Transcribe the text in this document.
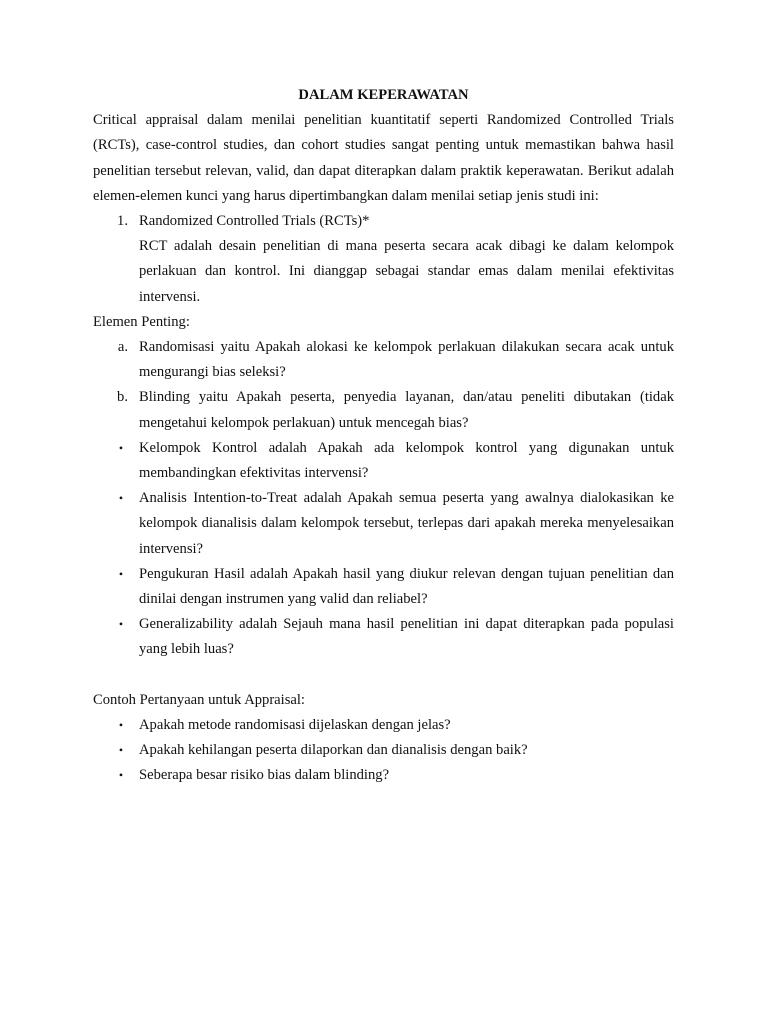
DALAM KEPERAWATAN

Critical appraisal dalam menilai penelitian kuantitatif seperti Randomized Controlled Trials (RCTs), case-control studies, dan cohort studies sangat penting untuk memastikan bahwa hasil penelitian tersebut relevan, valid, dan dapat diterapkan dalam praktik keperawatan. Berikut adalah elemen-elemen kunci yang harus dipertimbangkan dalam menilai setiap jenis studi ini:

1. Randomized Controlled Trials (RCTs)*

RCT adalah desain penelitian di mana peserta secara acak dibagi ke dalam kelompok perlakuan dan kontrol. Ini dianggap sebagai standar emas dalam menilai efektivitas intervensi.

Elemen Penting:

a. Randomisasi yaitu Apakah alokasi ke kelompok perlakuan dilakukan secara acak untuk mengurangi bias seleksi?
b. Blinding yaitu Apakah peserta, penyedia layanan, dan/atau peneliti dibutakan (tidak mengetahui kelompok perlakuan) untuk mencegah bias?
• Kelompok Kontrol adalah Apakah ada kelompok kontrol yang digunakan untuk membandingkan efektivitas intervensi?
• Analisis Intention-to-Treat adalah Apakah semua peserta yang awalnya dialokasikan ke kelompok dianalisis dalam kelompok tersebut, terlepas dari apakah mereka menyelesaikan intervensi?
• Pengukuran Hasil adalah Apakah hasil yang diukur relevan dengan tujuan penelitian dan dinilai dengan instrumen yang valid dan reliabel?
• Generalizability adalah Sejauh mana hasil penelitian ini dapat diterapkan pada populasi yang lebih luas?

Contoh Pertanyaan untuk Appraisal:

• Apakah metode randomisasi dijelaskan dengan jelas?
• Apakah kehilangan peserta dilaporkan dan dianalisis dengan baik?
• Seberapa besar risiko bias dalam blinding?
